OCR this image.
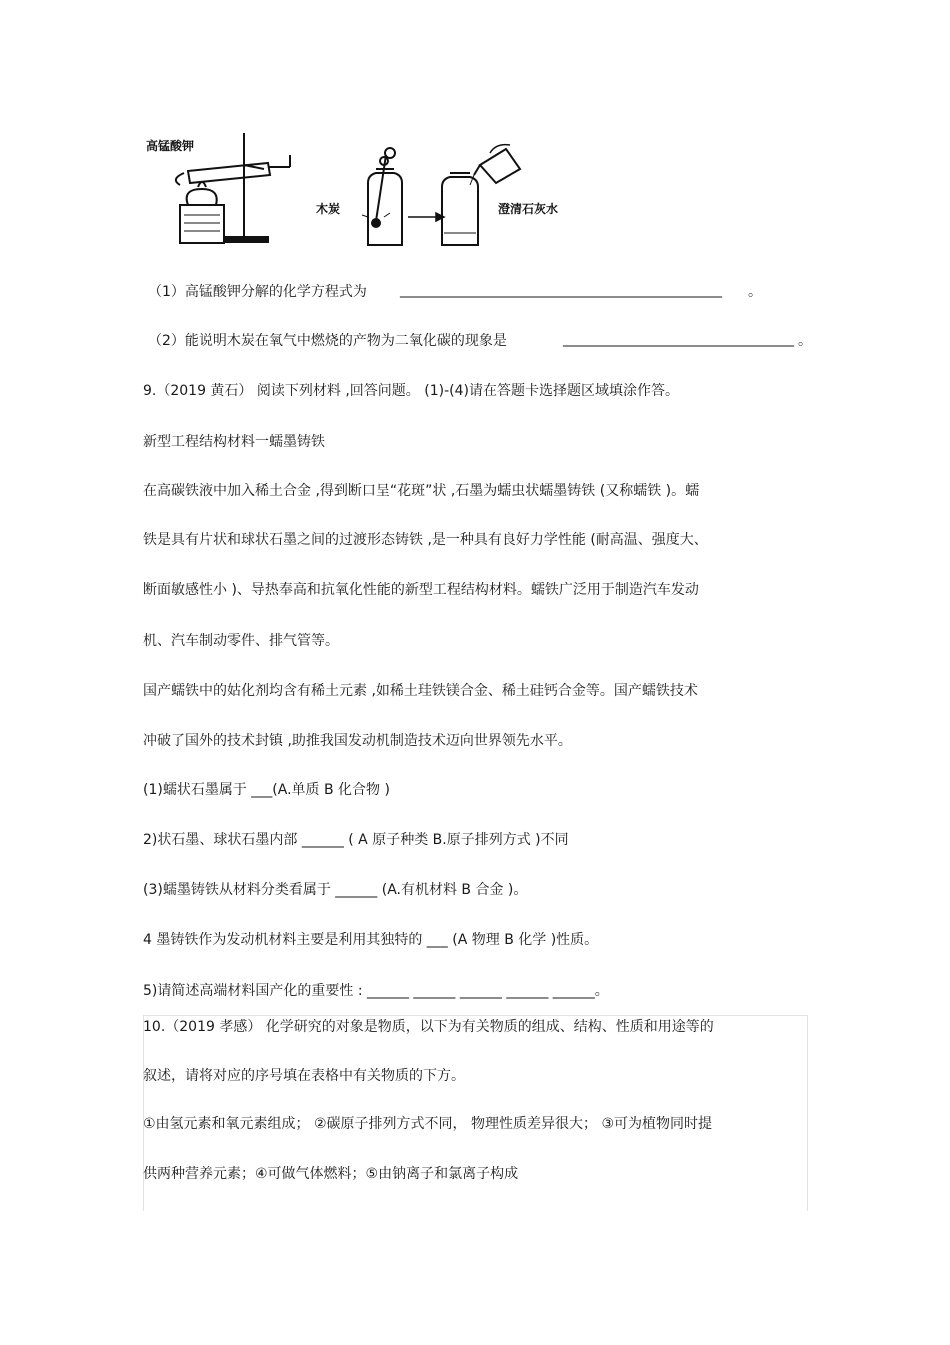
高锰酸钾
木炭	澄清石灰水
（1）高锰酸钾分解的化学方程式为 ______________________________________________ 。
（2）能说明木炭在氧气中燃烧的产物为二氧化碳的现象是	_________________________________ 。
9.（2019 黄石） 阅读下列材料 ,回答问题。 (1)-(4)请在答题卡选择题区域填涂作答。
新型工程结构材料一蠕墨铸铁
在高碳铁液中加入稀土合金 ,得到断口呈“花斑”状 ,石墨为蠕虫状蠕墨铸铁 (又称蠕铁 )。蠕
铁是具有片状和球状石墨之间的过渡形态铸铁 ,是一种具有良好力学性能 (耐高温、强度大、
断面敏感性小 )、导热奉高和抗氧化性能的新型工程结构材料。蠕铁广泛用于制造汽车发动
机、汽车制动零件、排气管等。
国产蠕铁中的姑化剂均含有稀土元素 ,如稀土珪铁镁合金、稀土硅钙合金等。国产蠕铁技术
冲破了国外的技术封镇 ,助推我国发动机制造技术迈向世界领先水平。
(1)蠕状石墨属于 ___(A.单质 B 化合物 )
2)状石墨、球状石墨内部 ______ ( A 原子种类 B.原子排列方式 )不同
(3)蠕墨铸铁从材料分类看属于 ______ (A.有机材料 B 合金 )。
4 墨铸铁作为发动机材料主要是利用其独特的 ___ (A 物理 B 化学 )性质。
5)请简述高端材料国产化的重要性 : ______ ______ ______ ______ ______。
10.（2019 孝感） 化学研究的对象是物质，以下为有关物质的组成、结构、性质和用途等的
叙述，请将对应的序号填在表格中有关物质的下方。
①由氢元素和氧元素组成； ②碳原子排列方式不同， 物理性质差异很大； ③可为植物同时提
供两种营养元素；④可做气体燃料；⑤由钠离子和氯离子构成
